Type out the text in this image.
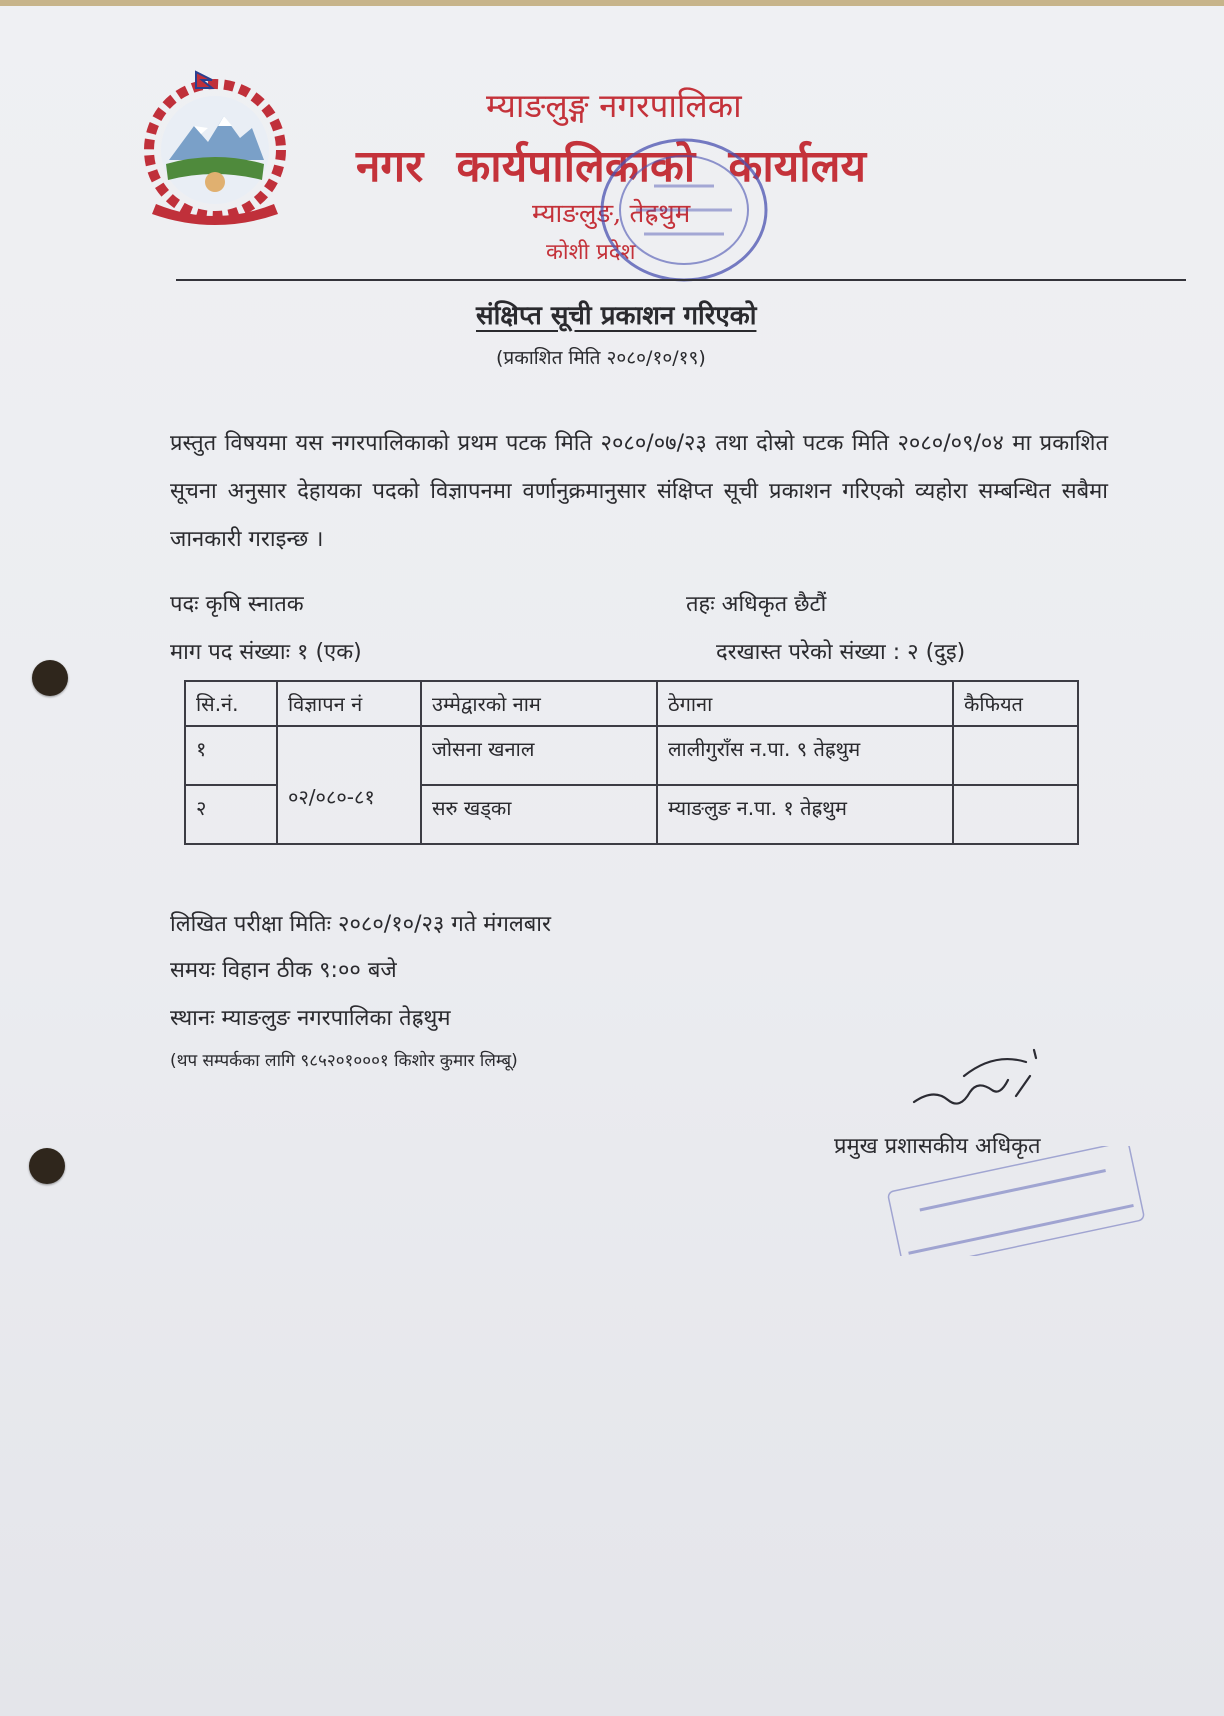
म्याङलुङ्ग नगरपालिका
नगर कार्यपालिकाको कार्यालय
म्याङलुङ, तेह्रथुम
कोशी प्रदेश
संक्षिप्त सूची प्रकाशन गरिएको
(प्रकाशित मिति २०८०/१०/१९)

प्रस्तुत विषयमा यस नगरपालिकाको प्रथम पटक मिति २०८०/०७/२३ तथा दोस्रो पटक मिति २०८०/०९/०४ मा प्रकाशित सूचना अनुसार देहायका पदको विज्ञापनमा वर्णानुक्रमानुसार संक्षिप्त सूची प्रकाशन गरिएको व्यहोरा सम्बन्धित सबैमा जानकारी गराइन्छ ।

पदः कृषि स्नातक	तहः अधिकृत छैटौं
माग पद संख्याः १ (एक)	दरखास्त परेको संख्या : २ (दुइ)
सि.नं.	विज्ञापन नं	उम्मेद्वारको नाम	ठेगाना	कैफियत
१	०२/०८०-८१	जोसना खनाल	लालीगुराँस न.पा. ९ तेह्रथुम	
२		सरु खड्का	म्याङलुङ न.पा. १ तेह्रथुम	
लिखित परीक्षा मितिः २०८०/१०/२३ गते मंगलबार
समयः विहान ठीक ९:०० बजे
स्थानः म्याङलुङ नगरपालिका तेह्रथुम
(थप सम्पर्कका लागि ९८५२०१०००१ किशोर कुमार लिम्बू)
प्रमुख प्रशासकीय अधिकृत
